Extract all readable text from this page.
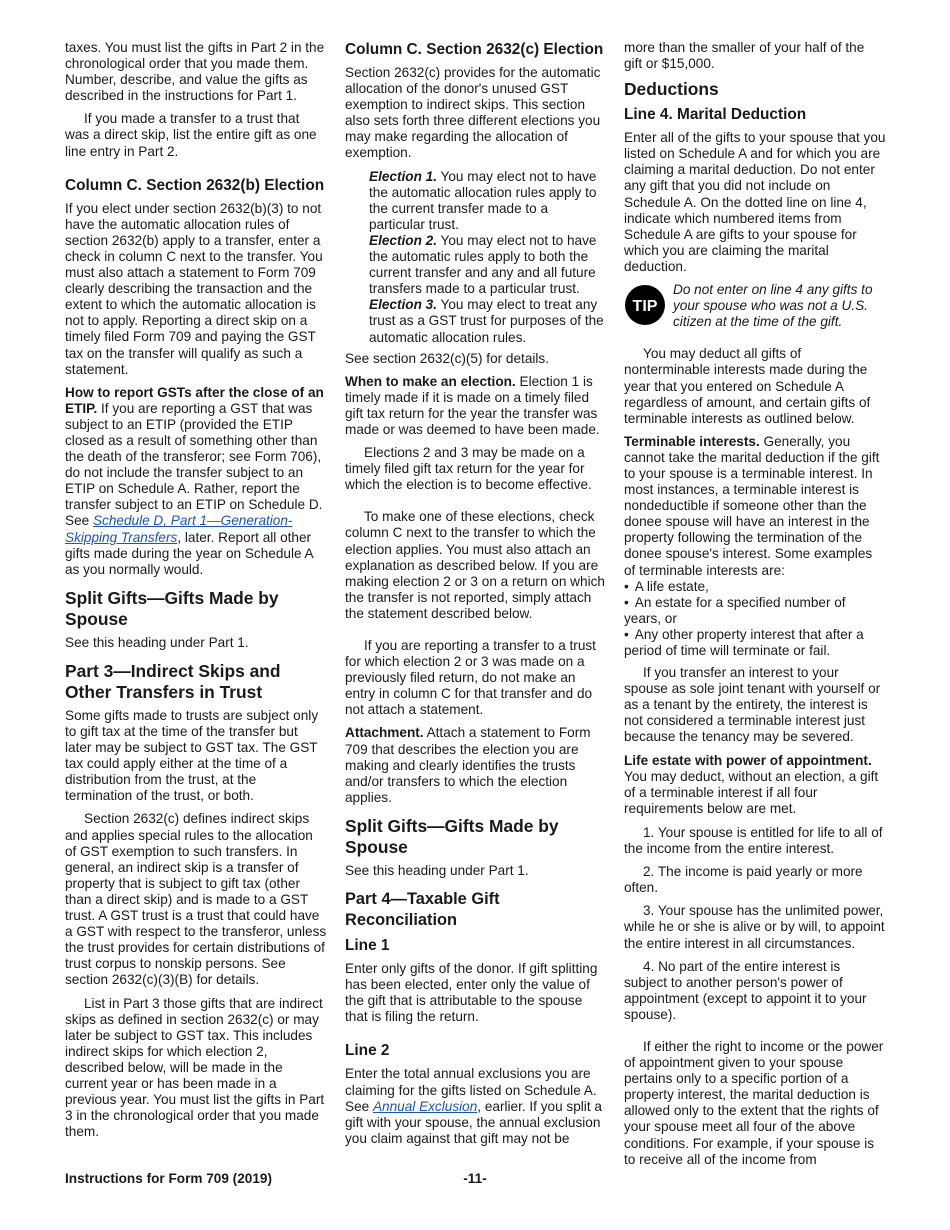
taxes. You must list the gifts in Part 2 in the chronological order that you made them. Number, describe, and value the gifts as described in the instructions for Part 1.

If you made a transfer to a trust that was a direct skip, list the entire gift as one line entry in Part 2.

Column C. Section 2632(b) Election

If you elect under section 2632(b)(3) to not have the automatic allocation rules of section 2632(b) apply to a transfer, enter a check in column C next to the transfer. You must also attach a statement to Form 709 clearly describing the transaction and the extent to which the automatic allocation is not to apply. Reporting a direct skip on a timely filed Form 709 and paying the GST tax on the transfer will qualify as such a statement.

How to report GSTs after the close of an ETIP. If you are reporting a GST that was subject to an ETIP (provided the ETIP closed as a result of something other than the death of the transferor; see Form 706), do not include the transfer subject to an ETIP on Schedule A. Rather, report the transfer subject to an ETIP on Schedule D. See Schedule D, Part 1—Generation-Skipping Transfers, later. Report all other gifts made during the year on Schedule A as you normally would.

Split Gifts—Gifts Made by Spouse

See this heading under Part 1.

Part 3—Indirect Skips and Other Transfers in Trust

Some gifts made to trusts are subject only to gift tax at the time of the transfer but later may be subject to GST tax. The GST tax could apply either at the time of a distribution from the trust, at the termination of the trust, or both.

Section 2632(c) defines indirect skips and applies special rules to the allocation of GST exemption to such transfers. In general, an indirect skip is a transfer of property that is subject to gift tax (other than a direct skip) and is made to a GST trust. A GST trust is a trust that could have a GST with respect to the transferor, unless the trust provides for certain distributions of trust corpus to nonskip persons. See section 2632(c)(3)(B) for details.

List in Part 3 those gifts that are indirect skips as defined in section 2632(c) or may later be subject to GST tax. This includes indirect skips for which election 2, described below, will be made in the current year or has been made in a previous year. You must list the gifts in Part 3 in the chronological order that you made them.

Column C. Section 2632(c) Election

Section 2632(c) provides for the automatic allocation of the donor's unused GST exemption to indirect skips. This section also sets forth three different elections you may make regarding the allocation of exemption.

Election 1. You may elect not to have the automatic allocation rules apply to the current transfer made to a particular trust.

Election 2. You may elect not to have the automatic rules apply to both the current transfer and any and all future transfers made to a particular trust.

Election 3. You may elect to treat any trust as a GST trust for purposes of the automatic allocation rules.

See section 2632(c)(5) for details.

When to make an election. Election 1 is timely made if it is made on a timely filed gift tax return for the year the transfer was made or was deemed to have been made.

Elections 2 and 3 may be made on a timely filed gift tax return for the year for which the election is to become effective.

To make one of these elections, check column C next to the transfer to which the election applies. You must also attach an explanation as described below. If you are making election 2 or 3 on a return on which the transfer is not reported, simply attach the statement described below.

If you are reporting a transfer to a trust for which election 2 or 3 was made on a previously filed return, do not make an entry in column C for that transfer and do not attach a statement.

Attachment. Attach a statement to Form 709 that describes the election you are making and clearly identifies the trusts and/or transfers to which the election applies.

Split Gifts—Gifts Made by Spouse

See this heading under Part 1.

Part 4—Taxable Gift Reconciliation
Line 1

Enter only gifts of the donor. If gift splitting has been elected, enter only the value of the gift that is attributable to the spouse that is filing the return.

Line 2

Enter the total annual exclusions you are claiming for the gifts listed on Schedule A. See Annual Exclusion, earlier. If you split a gift with your spouse, the annual exclusion you claim against that gift may not be

more than the smaller of your half of the gift or $15,000.

Deductions
Line 4. Marital Deduction

Enter all of the gifts to your spouse that you listed on Schedule A and for which you are claiming a marital deduction. Do not enter any gift that you did not include on Schedule A. On the dotted line on line 4, indicate which numbered items from Schedule A are gifts to your spouse for which you are claiming the marital deduction.

TIP
Do not enter on line 4 any gifts to your spouse who was not a U.S. citizen at the time of the gift.

You may deduct all gifts of nonterminable interests made during the year that you entered on Schedule A regardless of amount, and certain gifts of terminable interests as outlined below.

Terminable interests. Generally, you cannot take the marital deduction if the gift to your spouse is a terminable interest. In most instances, a terminable interest is nondeductible if someone other than the donee spouse will have an interest in the property following the termination of the donee spouse's interest. Some examples of terminable interests are:

• A life estate,
• An estate for a specified number of years, or
• Any other property interest that after a period of time will terminate or fail.

If you transfer an interest to your spouse as sole joint tenant with yourself or as a tenant by the entirety, the interest is not considered a terminable interest just because the tenancy may be severed.

Life estate with power of appointment. You may deduct, without an election, a gift of a terminable interest if all four requirements below are met.

1. Your spouse is entitled for life to all of the income from the entire interest.

2. The income is paid yearly or more often.

3. Your spouse has the unlimited power, while he or she is alive or by will, to appoint the entire interest in all circumstances.

4. No part of the entire interest is subject to another person's power of appointment (except to appoint it to your spouse).

If either the right to income or the power of appointment given to your spouse pertains only to a specific portion of a property interest, the marital deduction is allowed only to the extent that the rights of your spouse meet all four of the above conditions. For example, if your spouse is to receive all of the income from

Instructions for Form 709 (2019)	-11-
